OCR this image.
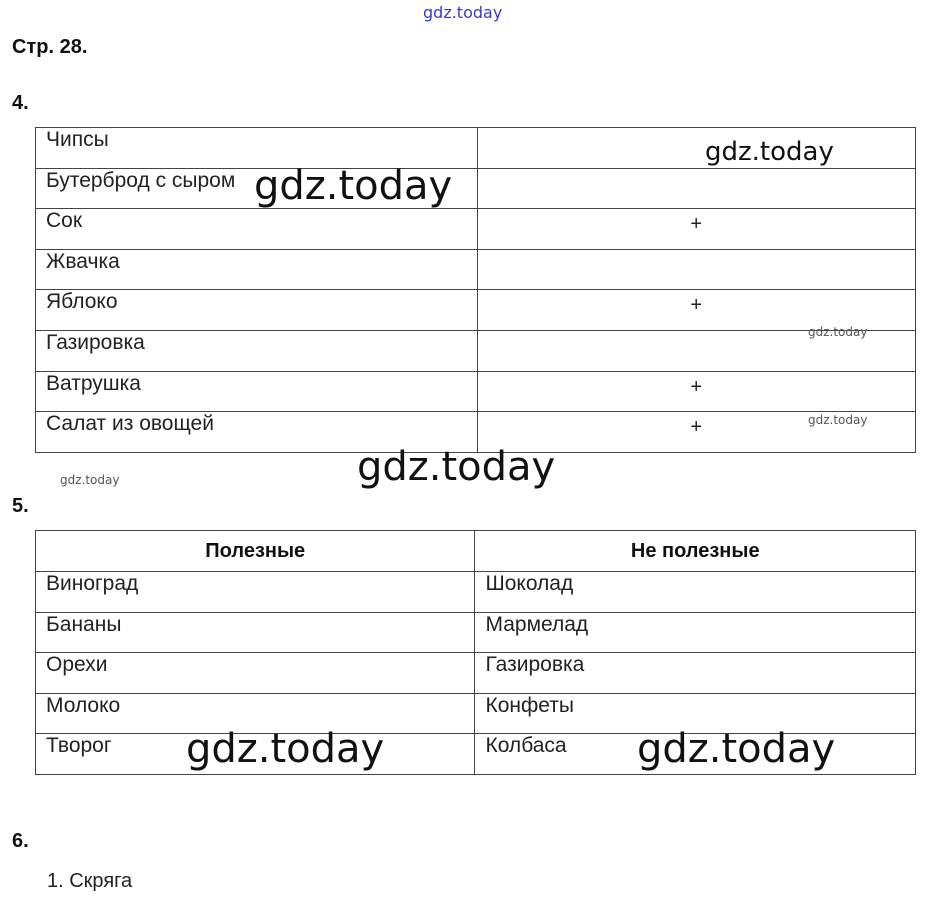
gdz.today
Стр. 28.
4.
Чипсы	
Бутерброд с сыром	
Сок	+
Жвачка	
Яблоко	+
Газировка	
Ватрушка	+
Салат из овощей	+
gdz.today
gdz.today
gdz.today
gdz.today
gdz.today
gdz.today
5.
Полезные	Не полезные
Виноград	Шоколад
Бананы	Мармелад
Орехи	Газировка
Молоко	Конфеты
Творог	Колбаса
gdz.today	gdz.today
6.
1. Скряга
